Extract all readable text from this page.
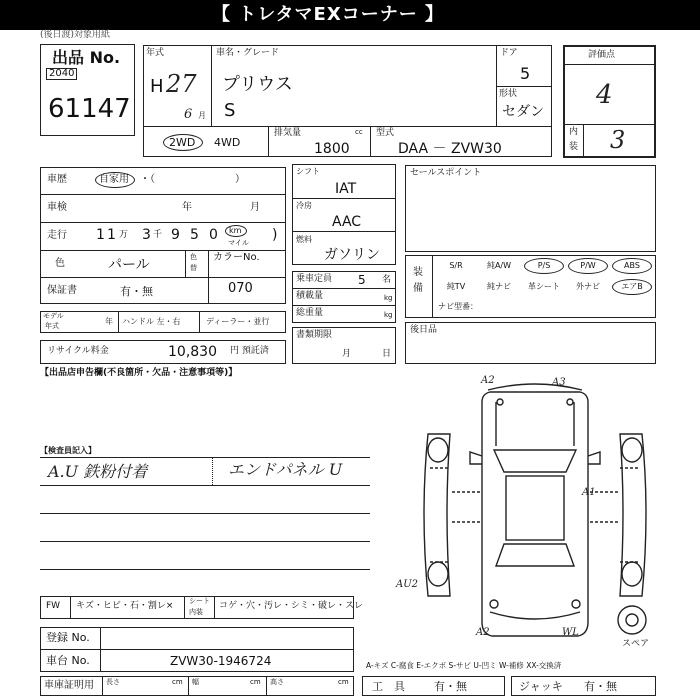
【 トレタマEXコーナー 】
(後日渡)対象用紙
出品 No.
2040
61147
年式
H 27
6 月
車名・グレード
プリウス
S
ドア
5
形状
セダン
2WD 4WD
排気量	cc
1800
型式
DAA － ZVW30
評価点
4
内
装 3
車歴	自家用 ・（　　　　　　　　）
車検	年	月
走行 1 1 万 3 千 9 5 0 km
マイル )
色	パール	色
替
カラーNo.
保証書	有・無	070
モデル
年式	年 ハンドル 左・右	ディーラー・並行
リサイクル料金	10,830 円 預託済
シフト
IAT
冷房
AAC
燃料
ガソリン
乗車定員 5 名
積載量	kg
総重量	kg
書類期限
月	日
セールスポイント
装
備
S/R	純A/W	P/S	P/W	ABS
純TV	純ナビ	革シート	外ナビ	エアB
ナビ型番：
後日品
【出品店申告欄(不良箇所・欠品・注意事項等)】
【検査員記入】
A.U 鉄粉付着	エンドパネル U
FW キズ・ヒビ・石・割レ× シート
内装
コゲ・穴・汚レ・シミ・破レ・スレ
登録 No.
車台 No.	ZVW30-1946724
車庫証明用 長さ	cm 幅	cm 高さ	cm
A2	A3
A1
AU2
A2	WL
スペア
A-キズ C-腐食 E-エクボ S-サビ U-凹ミ W-補修 XX-交換済
工　具	有・無	ジャッキ 有・無
